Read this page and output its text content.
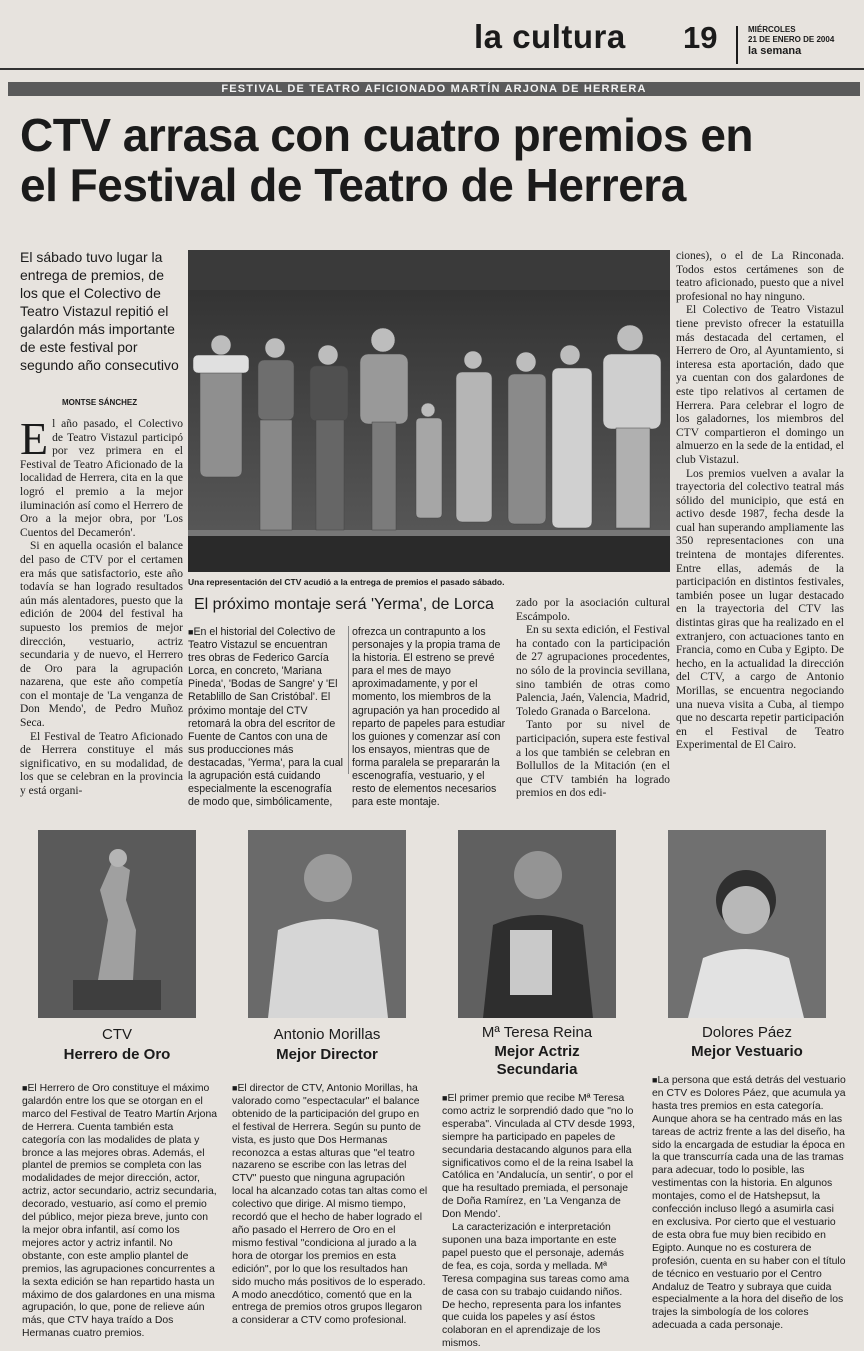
la cultura 19	MIÉRCOLES
21 DE ENERO DE 2004
la semana
FESTIVAL DE TEATRO AFICIONADO MARTÍN ARJONA DE HERRERA
CTV arrasa con cuatro premios en
el Festival de Teatro de Herrera
El sábado tuvo lugar la entrega de premios, de los que el Colectivo de Teatro Vistazul repitió el galardón más importante de este festival por segundo año consecutivo
MONTSE SÁNCHEZ

El año pasado, el Colectivo de Teatro Vistazul participó por vez primera en el Festival de Teatro Aficionado de la localidad de Herrera, cita en la que logró el premio a la mejor iluminación así como el Herrero de Oro a la mejor obra, por 'Los Cuentos del Decamerón'.

Si en aquella ocasión el balance del paso de CTV por el certamen era más que satisfactorio, este año todavía se han logrado resultados aún más alentadores, puesto que la edición de 2004 del festival ha supuesto los premios de mejor dirección, vestuario, actriz secundaria y de nuevo, el Herrero de Oro para la agrupación nazarena, que este año competía con el montaje de 'La venganza de Don Mendo', de Pedro Muñoz Seca.

El Festival de Teatro Aficionado de Herrera constituye el más significativo, en su modalidad, de los que se celebran en la provincia y está organi-

Una representación del CTV acudió a la entrega de premios el pasado sábado.
El próximo montaje será 'Yerma', de Lorca
■ En el historial del Colectivo de Teatro Vistazul se encuentran tres obras de Federico García Lorca, en concreto, 'Mariana Pineda', 'Bodas de Sangre' y 'El Retablillo de San Cristóbal'. El próximo montaje del CTV retomará la obra del escritor de Fuente de Cantos con una de sus producciones más destacadas, 'Yerma', para la cual la agrupación está cuidando especialmente la escenografía de modo que, simbólicamente,
ofrezca un contrapunto a los personajes y la propia trama de la historia. El estreno se prevé para el mes de mayo aproximadamente, y por el momento, los miembros de la agrupación ya han procedido al reparto de papeles para estudiar los guiones y comenzar así con los ensayos, mientras que de forma paralela se prepararán la escenografía, vestuario, y el resto de elementos necesarios para este montaje.

zado por la asociación cultural Escámpolo.

En su sexta edición, el Festival ha contado con la participación de 27 agrupaciones procedentes, no sólo de la provincia sevillana, sino también de otras como Palencia, Jaén, Valencia, Madrid, Toledo Granada o Barcelona.

Tanto por su nivel de participación, supera este festival a los que también se celebran en Bollullos de la Mitación (en el que CTV también ha logrado premios en dos edi-

ciones), o el de La Rinconada. Todos estos certámenes son de teatro aficionado, puesto que a nivel profesional no hay ninguno.

El Colectivo de Teatro Vistazul tiene previsto ofrecer la estatuilla más destacada del certamen, el Herrero de Oro, al Ayuntamiento, si interesa esta aportación, dado que ya cuentan con dos galardones de este tipo relativos al certamen de Herrera. Para celebrar el logro de los galadornes, los miembros del CTV compartieron el domingo un almuerzo en la sede de la entidad, el club Vistazul.

Los premios vuelven a avalar la trayectoria del colectivo teatral más sólido del municipio, que está en activo desde 1987, fecha desde la cual han superando ampliamente las 350 representaciones con una treintena de montajes diferentes. Entre ellas, además de la participación en distintos festivales, también posee un lugar destacado en la trayectoria del CTV las distintas giras que ha realizado en el extranjero, con actuaciones tanto en Francia, como en Cuba y Egipto. De hecho, en la actualidad la dirección del CTV, a cargo de Antonio Morillas, se encuentra negociando una nueva visita a Cuba, al tiempo que no descarta repetir participación en el Festival de Teatro Experimental de El Cairo.

CTV
Herrero de Oro
Antonio Morillas
Mejor Director
Mª Teresa Reina
Mejor Actriz
Secundaria
Dolores Páez
Mejor Vestuario

■ El Herrero de Oro constituye el máximo galardón entre los que se otorgan en el marco del Festival de Teatro Martín Arjona de Herrera. Cuenta también esta categoría con las modalides de plata y bronce a las mejores obras. Además, el plantel de premios se completa con las modalidades de mejor dirección, actor, actriz, actor secundario, actriz secundaria, decorado, vestuario, así como el premio del público, mejor pieza breve, junto con la mejor obra infantil, así como los mejores actor y actriz infantil. No obstante, con este amplio plantel de premios, las agrupaciones concurrentes a la sexta edición se han repartido hasta un máximo de dos galardones en una misma agrupación, lo que, pone de relieve aún más, que CTV haya traído a Dos Hermanas cuatro premios.

■ El director de CTV, Antonio Morillas, ha valorado como "espectacular" el balance obtenido de la participación del grupo en el festival de Herrera. Según su punto de vista, es justo que Dos Hermanas reconozca a estas alturas que "el teatro nazareno se escribe con las letras del CTV" puesto que ninguna agrupación local ha alcanzado cotas tan altas como el colectivo que dirige. Al mismo tiempo, recordó que el hecho de haber logrado el año pasado el Herrero de Oro en el mismo festival "condiciona al jurado a la hora de otorgar los premios en esta edición", por lo que los resultados han sido mucho más positivos de lo esperado. A modo anecdótico, comentó que en la entrega de premios otros grupos llegaron a considerar a CTV como profesional.

■ El primer premio que recibe Mª Teresa como actriz le sorprendió dado que "no lo esperaba". Vinculada al CTV desde 1993, siempre ha participado en papeles de secundaria destacando algunos para ella significativos como el de la reina Isabel la Católica en 'Andalucía, un sentir', o por el que ha resultado premiada, el personaje de Doña Ramírez, en 'La Venganza de Don Mendo'.

La caracterización e interpretación suponen una baza importante en este papel puesto que el personaje, además de fea, es coja, sorda y mellada. Mª Teresa compagina sus tareas como ama de casa con su trabajo cuidando niños. De hecho, representa para los infantes que cuida los papeles y así éstos colaboran en el aprendizaje de los mismos.

■ La persona que está detrás del vestuario en CTV es Dolores Páez, que acumula ya hasta tres premios en esta categoría. Aunque ahora se ha centrado más en las tareas de actriz frente a las del diseño, ha sido la encargada de estudiar la época en la que transcurría cada una de las tramas para adecuar, todo lo posible, las vestimentas con la historia. En algunos montajes, como el de Hatshepsut, la confección incluso llegó a asumirla casi en exclusiva. Por cierto que el vestuario de esta obra fue muy bien recibido en Egipto. Aunque no es costurera de profesión, cuenta en su haber con el título de técnico en vestuario por el Centro Andaluz de Teatro y subraya que cuida especialmente a la hora del diseño de los trajes la simbología de los colores adecuada a cada personaje.
